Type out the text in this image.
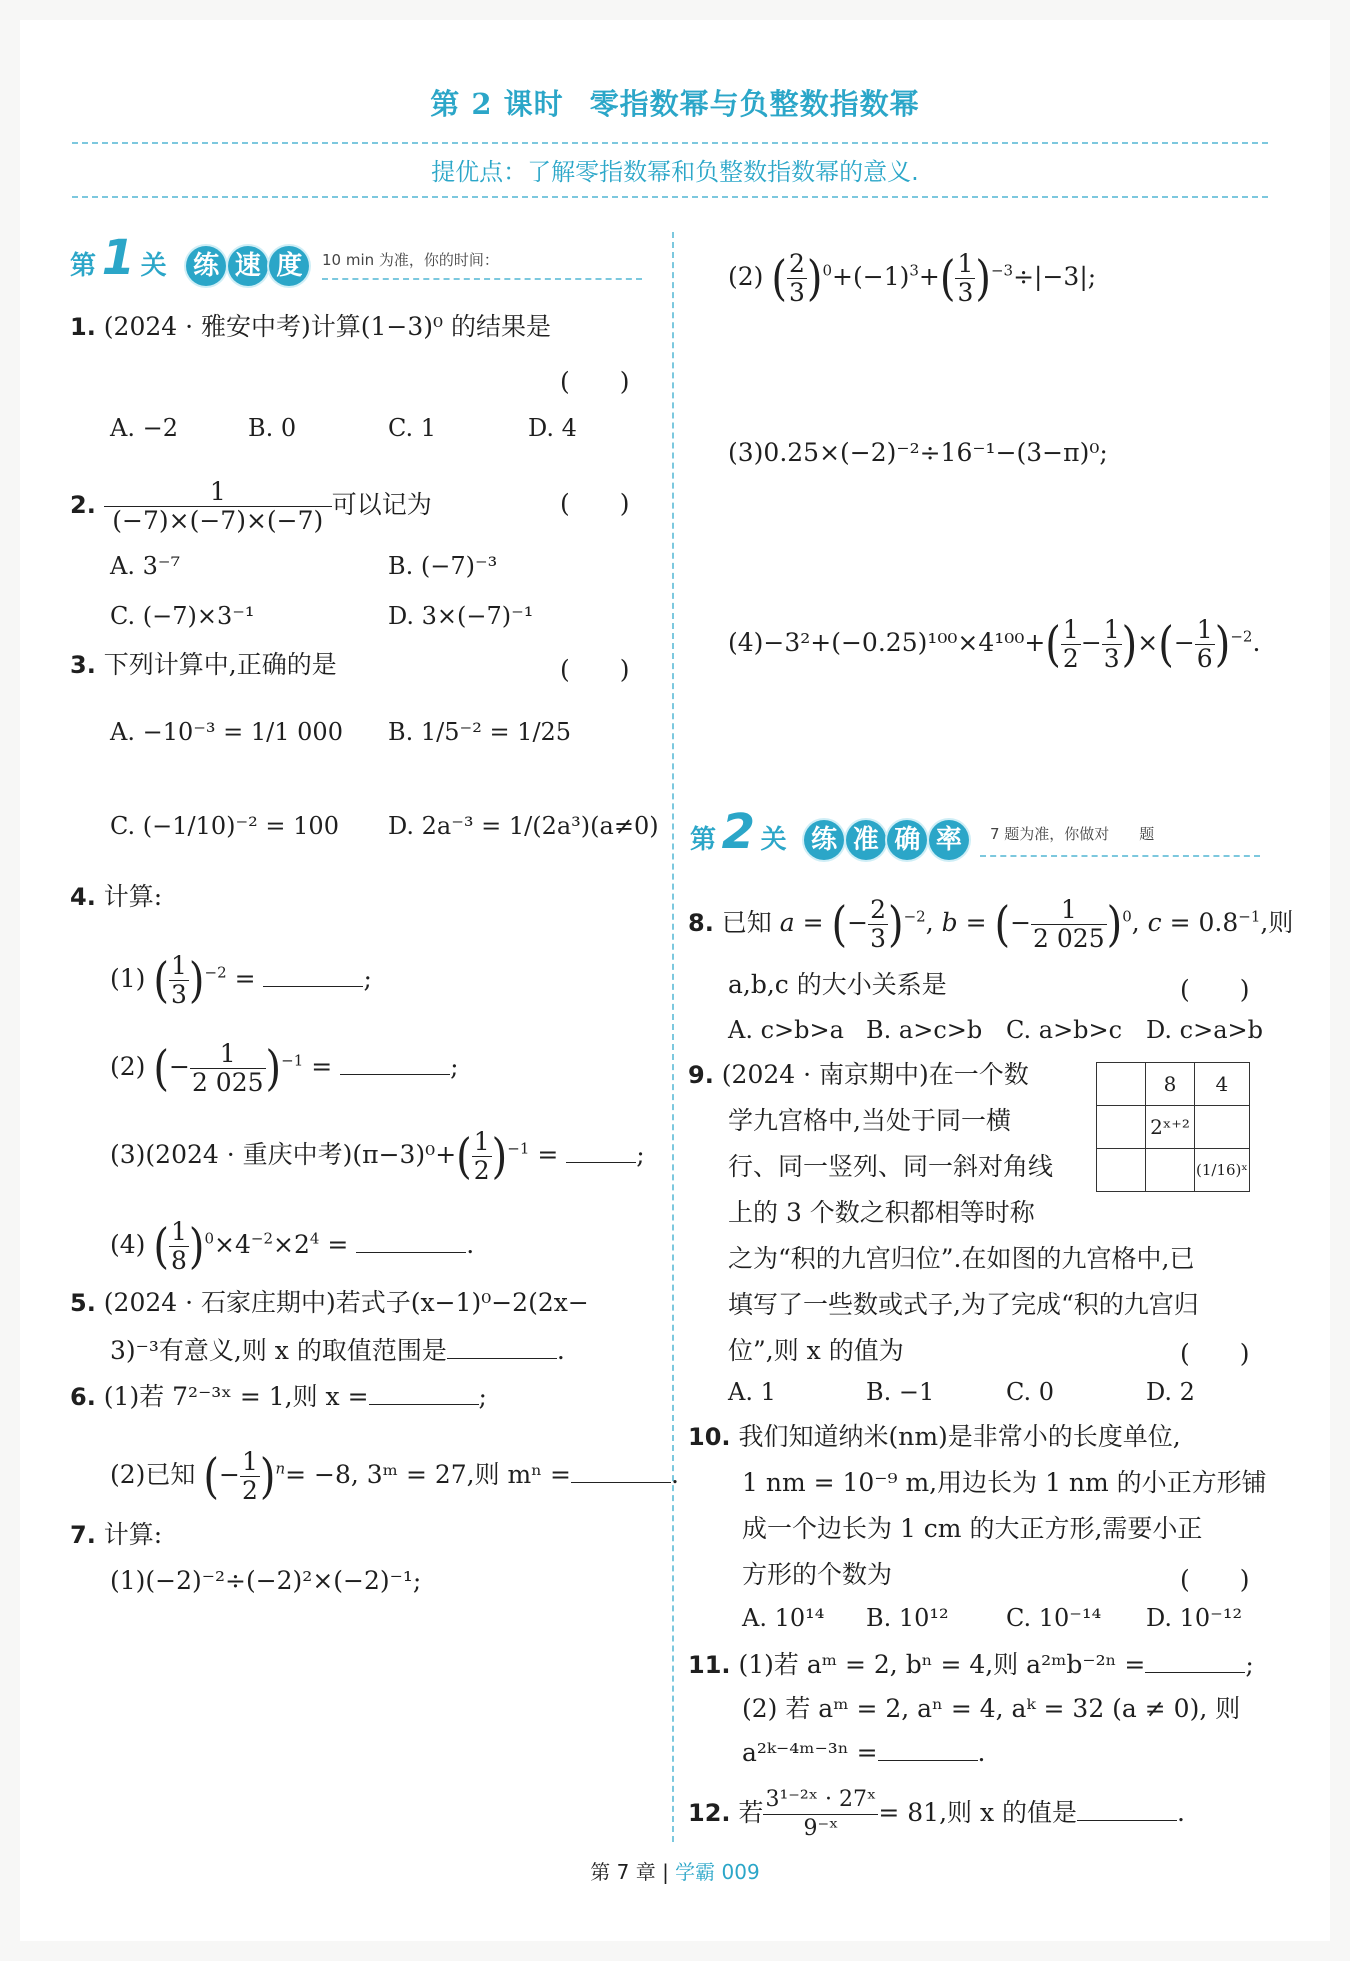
第 2 课时 零指数幂与负整数指数幂
提优点：了解零指数幂和负整数指数幂的意义.
第 1 关 练 速 度 10 min 为准，你的时间：
1. (2024 · 雅安中考)计算(1−3)⁰ 的结果是
(　　)
A. −2	B. 0	C. 1	D. 4
2. $\frac{1}{(-7)\times(-7)\times(-7)}$ 可以记为	(　　)
A. 3⁻⁷	B. (−7)⁻³
C. (−7)×3⁻¹	D. 3×(−7)⁻¹
3. 下列计算中,正确的是	(　　)
A. −10⁻³ = 1/1 000 B. 1/5⁻² = 1/25
C. (−1/10)⁻² = 100 D. 2a⁻³ = 1/(2a³)(a≠0)
4. 计算:
(1) ( $\frac{1}{3} )^{-2}$ =	;
(2) (− $\frac{1}{2 025} )^{-1}$ =	;
(3)(2024 · 重庆中考)$(\pi-3)^0+( \frac{1}{2} )^{-1}$ =	;
(4) ( $\frac{1}{8} )^0\times 4^{-2}\times 2^4$ =	.
5. (2024 · 石家庄期中)若式子(x−1)⁰−2(2x−
3)⁻³有意义,则 x 的取值范围是	.
6. (1)若 7²⁻³ˣ = 1,则 x =	;
(2)已知 (− $\frac{1}{2} )^n= -8$, 3ᵐ = 27,则 mⁿ =	.
7. 计算:
(1)(−2)⁻²÷(−2)²×(−2)⁻¹;
(2) ( $\frac{2}{3} )^0+(-1)^3+( \frac{1}{3} )^{-3}\div|-3|$;
(3)0.25×(−2)⁻²÷16⁻¹−(3−π)⁰;
$(4)-3^2+(-0.25)^{100}\times 4^{100}+( \frac{1}{2} - \frac{1}{3}$ )×(− $\frac{1}{6} )^{-2}$.
第 2 关 练 准 确 率 7 题为准，你做对　　题
8. 已知 a = (− $\frac{2}{3} )^{-2}$, b = (− $\frac{1}{2 025} )^0$, $c = 0.8^{-1}$,则
a,b,c 的大小关系是	(　　)
A. c>b>a B. a>c>b C. a>b>c D. c>a>b
9. (2024 · 南京期中)在一个数
学九宫格中,当处于同一横
行、同一竖列、同一斜对角线
上的 3 个数之积都相等时称
之为“积的九宫归位”.在如图的九宫格中,已
填写了一些数或式子,为了完成“积的九宫归
位”,则 x 的值为	(　　)
	8	4
	2ˣ⁺²	
		(1/16)ˣ
A. 1	B. −1	C. 0	D. 2
10. 我们知道纳米(nm)是非常小的长度单位,
1 nm = 10⁻⁹ m,用边长为 1 nm 的小正方形铺
成一个边长为 1 cm 的大正方形,需要小正
方形的个数为	(　　)
A. 10¹⁴ B. 10¹² C. 10⁻¹⁴ D. 10⁻¹²
11. (1)若 aᵐ = 2, bⁿ = 4,则 a²ᵐb⁻²ⁿ =	;
(2) 若 aᵐ = 2, aⁿ = 4, aᵏ = 32 (a ≠ 0), 则
a²ᵏ⁻⁴ᵐ⁻³ⁿ =	.
12. 若 $\frac{\text{3¹⁻²ˣ · 27ˣ}}{\text{9⁻ˣ}} = 81$,则 x 的值是	.
第 7 章 | 学霸 009
